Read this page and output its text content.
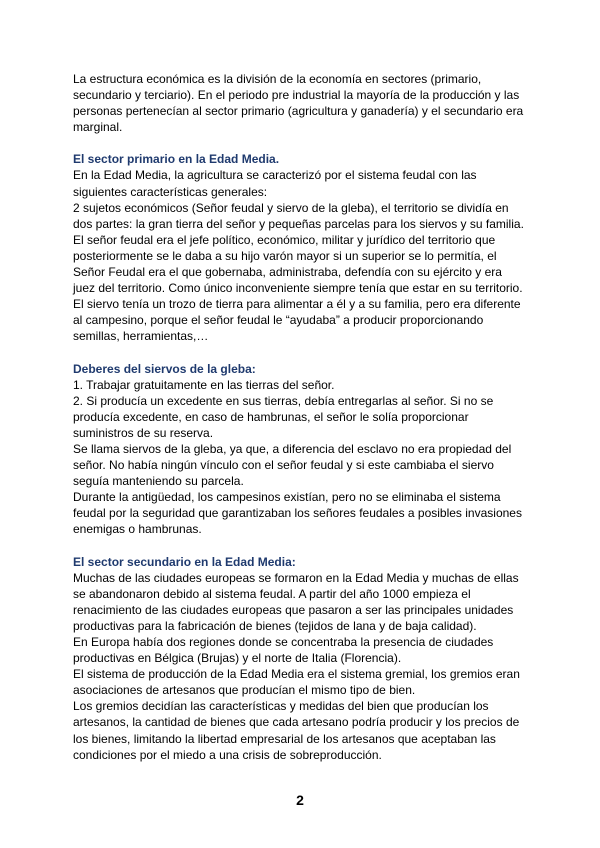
La estructura económica es la división de la economía en sectores (primario,

secundario y terciario). En el periodo pre industrial la mayoría de la producción y las

personas pertenecían al sector primario (agricultura y ganadería) y el secundario era

marginal.

El sector primario en la Edad Media.

En la Edad Media, la agricultura se caracterizó por el sistema feudal con las

siguientes características generales:

2 sujetos económicos (Señor feudal y siervo de la gleba), el territorio se dividía en

dos partes: la gran tierra del señor y pequeñas parcelas para los siervos y su familia.

El señor feudal era el jefe político, económico, militar y jurídico del territorio que

posteriormente se le daba a su hijo varón mayor si un superior se lo permitía, el

Señor Feudal era el que gobernaba, administraba, defendía con su ejército y era

juez del territorio. Como único inconveniente siempre tenía que estar en su territorio.

El siervo tenía un trozo de tierra para alimentar a él y a su familia, pero era diferente

al campesino, porque el señor feudal le “ayudaba” a producir proporcionando

semillas, herramientas,…

Deberes del siervos de la gleba:

1. Trabajar gratuitamente en las tierras del señor.

2. Si producía un excedente en sus tierras, debía entregarlas al señor. Si no se

producía excedente, en caso de hambrunas, el señor le solía proporcionar

suministros de su reserva.

Se llama siervos de la gleba, ya que, a diferencia del esclavo no era propiedad del

señor. No había ningún vínculo con el señor feudal y si este cambiaba el siervo

seguía manteniendo su parcela.

Durante la antigüedad, los campesinos existían, pero no se eliminaba el sistema

feudal por la seguridad que garantizaban los señores feudales a posibles invasiones

enemigas o hambrunas.

El sector secundario en la Edad Media:

Muchas de las ciudades europeas se formaron en la Edad Media y muchas de ellas

se abandonaron debido al sistema feudal. A partir del año 1000 empieza el

renacimiento de las ciudades europeas que pasaron a ser las principales unidades

productivas para la fabricación de bienes (tejidos de lana y de baja calidad).

En Europa había dos regiones donde se concentraba la presencia de ciudades

productivas en Bélgica (Brujas) y el norte de Italia (Florencia).

El sistema de producción de la Edad Media era el sistema gremial, los gremios eran

asociaciones de artesanos que producían el mismo tipo de bien.

Los gremios decidían las características y medidas del bien que producían los

artesanos, la cantidad de bienes que cada artesano podría producir y los precios de

los bienes, limitando la libertad empresarial de los artesanos que aceptaban las

condiciones por el miedo a una crisis de sobreproducción.

2
